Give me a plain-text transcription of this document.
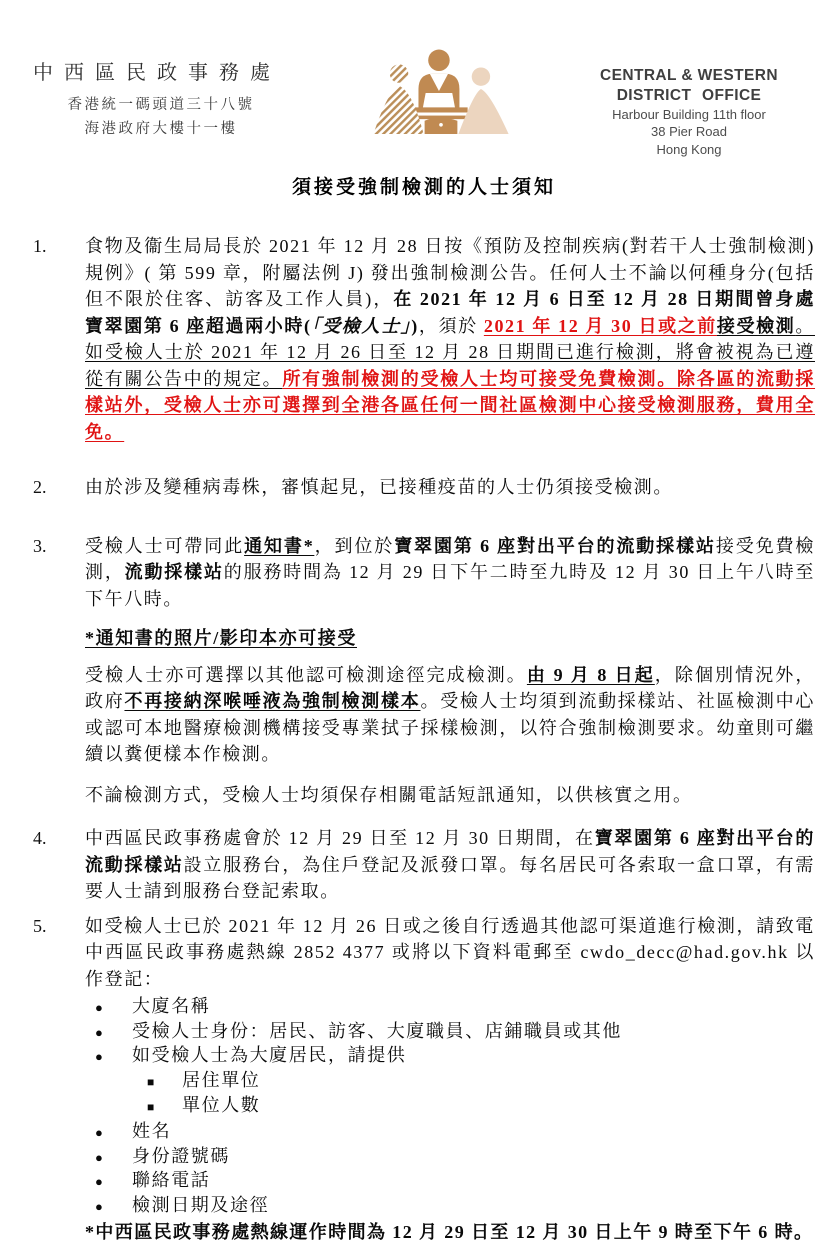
中西區民政事務處
香港統一碼頭道三十八號
海港政府大樓十一樓
CENTRAL & WESTERN
DISTRICT OFFICE
Harbour Building 11th floor
38 Pier Road
Hong Kong
須接受強制檢測的人士須知
1.	食物及衞生局局長於 2021 年 12 月 28 日按《預防及控制疾病(對若干人士強制檢測)規例》( 第 599 章，附屬法例 J) 發出強制檢測公告。任何人士不論以何種身分(包括但不限於住客、訪客及工作人員)，在 2021 年 12 月 6 日至 12 月 28 日期間曾身處寶翠園第 6 座超過兩小時(「受檢人士」)，須於 2021 年 12 月 30 日或之前接受檢測。如受檢人士於 2021 年 12 月 26 日至 12 月 28 日期間已進行檢測，將會被視為已遵從有關公告中的規定。所有強制檢測的受檢人士均可接受免費檢測。除各區的流動採樣站外，受檢人士亦可選擇到全港各區任何一間社區檢測中心接受檢測服務，費用全免。
2.	由於涉及變種病毒株，審慎起見，已接種疫苗的人士仍須接受檢測。
3.	受檢人士可帶同此通知書*，到位於寶翠園第 6 座對出平台的流動採樣站接受免費檢測，流動採樣站的服務時間為 12 月 29 日下午二時至九時及 12 月 30 日上午八時至下午八時。
*通知書的照片/影印本亦可接受
受檢人士亦可選擇以其他認可檢測途徑完成檢測。由 9 月 8 日起，除個別情況外，政府不再接納深喉唾液為強制檢測樣本。受檢人士均須到流動採樣站、社區檢測中心或認可本地醫療檢測機構接受專業拭子採樣檢測，以符合強制檢測要求。幼童則可繼續以糞便樣本作檢測。
不論檢測方式，受檢人士均須保存相關電話短訊通知，以供核實之用。
4.	中西區民政事務處會於 12 月 29 日至 12 月 30 日期間，在寶翠園第 6 座對出平台的流動採樣站設立服務台，為住戶登記及派發口罩。每名居民可各索取一盒口罩，有需要人士請到服務台登記索取。
5.	如受檢人士已於 2021 年 12 月 26 日或之後自行透過其他認可渠道進行檢測，請致電中西區民政事務處熱線 2852 4377 或將以下資料電郵至 cwdo_decc@had.gov.hk 以作登記：
●	大廈名稱
●	受檢人士身份：居民、訪客、大廈職員、店鋪職員或其他
●	如受檢人士為大廈居民，請提供
■	居住單位
■	單位人數
●	姓名
●	身份證號碼
●	聯絡電話
●	檢測日期及途徑
*中西區民政事務處熱線運作時間為 12 月 29 日至 12 月 30 日上午 9 時至下午 6 時。
